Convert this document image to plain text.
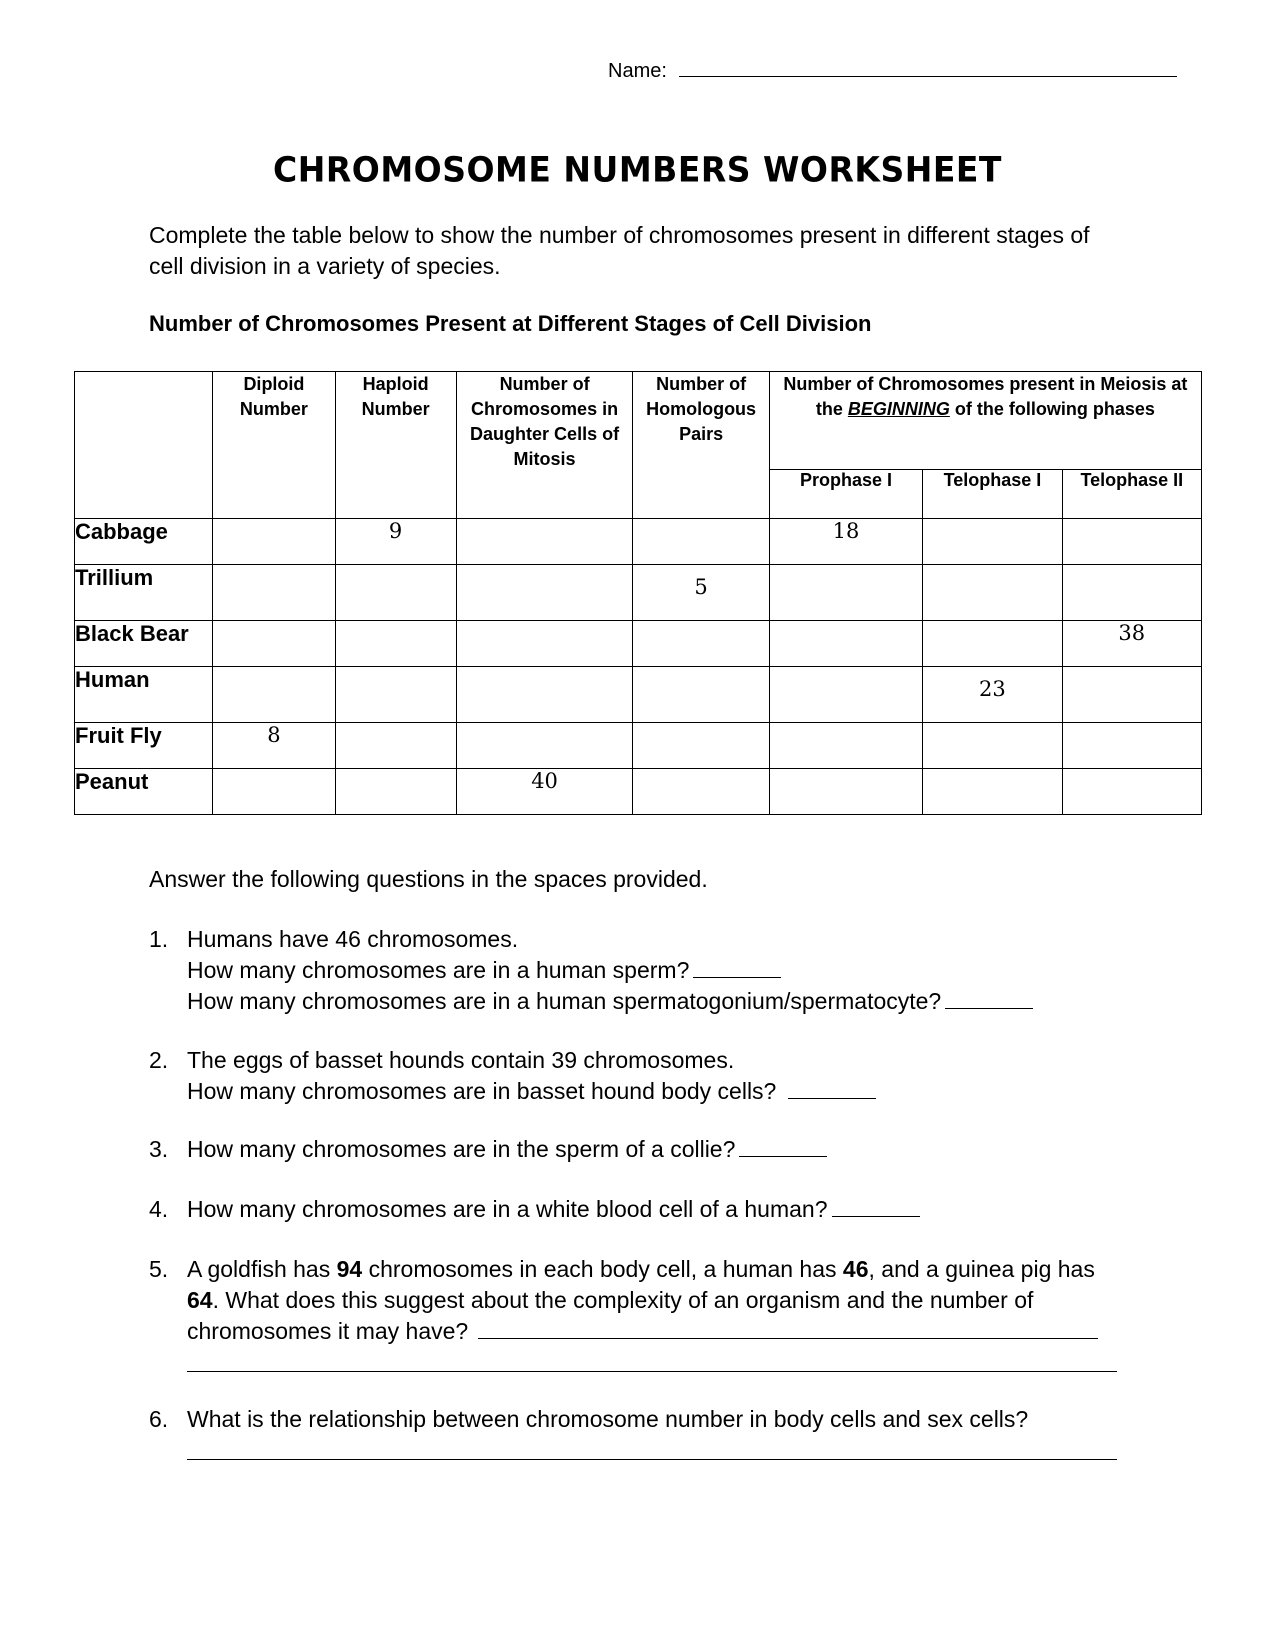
Name:
CHROMOSOME NUMBERS WORKSHEET
Complete the table below to show the number of chromosomes present in different stages of cell division in a variety of species.
Number of Chromosomes Present at Different Stages of Cell Division
	Diploid Number	Haploid Number	Number of Chromosomes in Daughter Cells of Mitosis	Number of Homologous Pairs	Number of Chromosomes present in Meiosis at the BEGINNING of the following phases		
					Prophase I	Telophase I	Telophase II
Cabbage		9			18		
Trillium				5			
Black Bear							38
Human						23	
Fruit Fly	8						
Peanut			40				
Answer the following questions in the spaces provided.
1. Humans have 46 chromosomes.
How many chromosomes are in a human sperm?
How many chromosomes are in a human spermatogonium/spermatocyte?
2. The eggs of basset hounds contain 39 chromosomes.
How many chromosomes are in basset hound body cells?
3. How many chromosomes are in the sperm of a collie?
4. How many chromosomes are in a white blood cell of a human?
5. A goldfish has 94 chromosomes in each body cell, a human has 46, and a guinea pig has
64. What does this suggest about the complexity of an organism and the number of
chromosomes it may have?
6. What is the relationship between chromosome number in body cells and sex cells?
